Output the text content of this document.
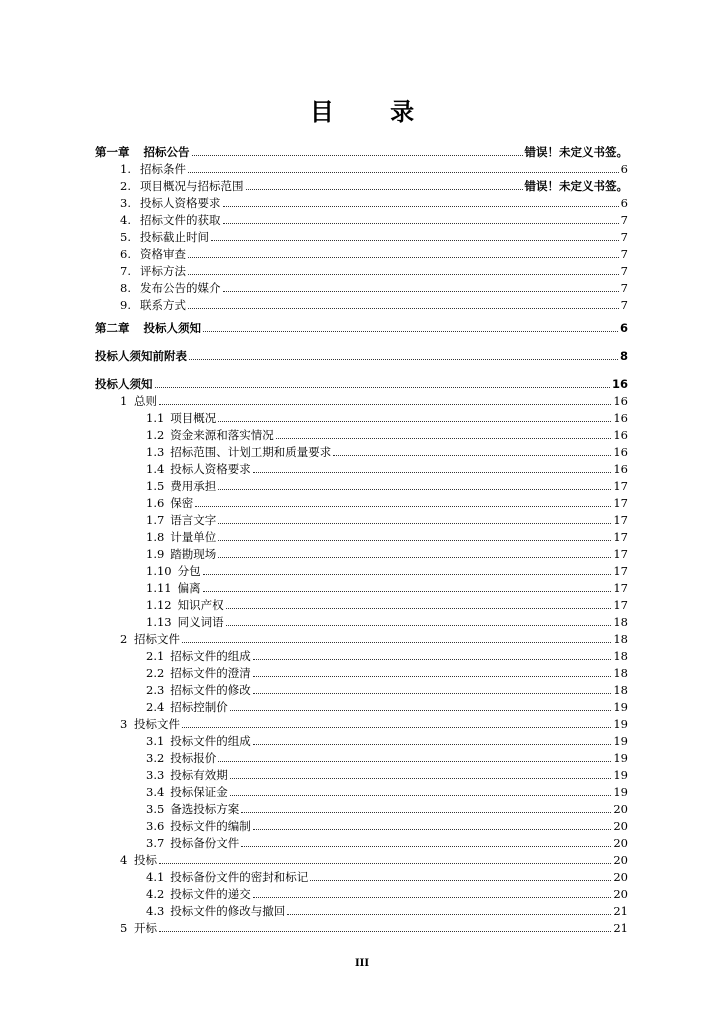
目 录
第一章 招标公告	错误！未定义书签。
1. 招标条件	6
2. 项目概况与招标范围	错误！未定义书签。
3. 投标人资格要求	6
4. 招标文件的获取	7
5. 投标截止时间	7
6. 资格审查	7
7. 评标方法	7
8. 发布公告的媒介	7
9. 联系方式	7
第二章 投标人须知	6
投标人须知前附表	8
投标人须知	16
1 总则	16
1.1 项目概况	16
1.2 资金来源和落实情况	16
1.3 招标范围、计划工期和质量要求	16
1.4 投标人资格要求	16
1.5 费用承担	17
1.6 保密	17
1.7 语言文字	17
1.8 计量单位	17
1.9 踏勘现场	17
1.10 分包	17
1.11 偏离	17
1.12 知识产权	17
1.13 同义词语	18
2 招标文件	18
2.1 招标文件的组成	18
2.2 招标文件的澄清	18
2.3 招标文件的修改	18
2.4 招标控制价	19
3 投标文件	19
3.1 投标文件的组成	19
3.2 投标报价	19
3.3 投标有效期	19
3.4 投标保证金	19
3.5 备选投标方案	20
3.6 投标文件的编制	20
3.7 投标备份文件	20
4 投标	20
4.1 投标备份文件的密封和标记	20
4.2 投标文件的递交	20
4.3 投标文件的修改与撤回	21
5 开标	21
III
